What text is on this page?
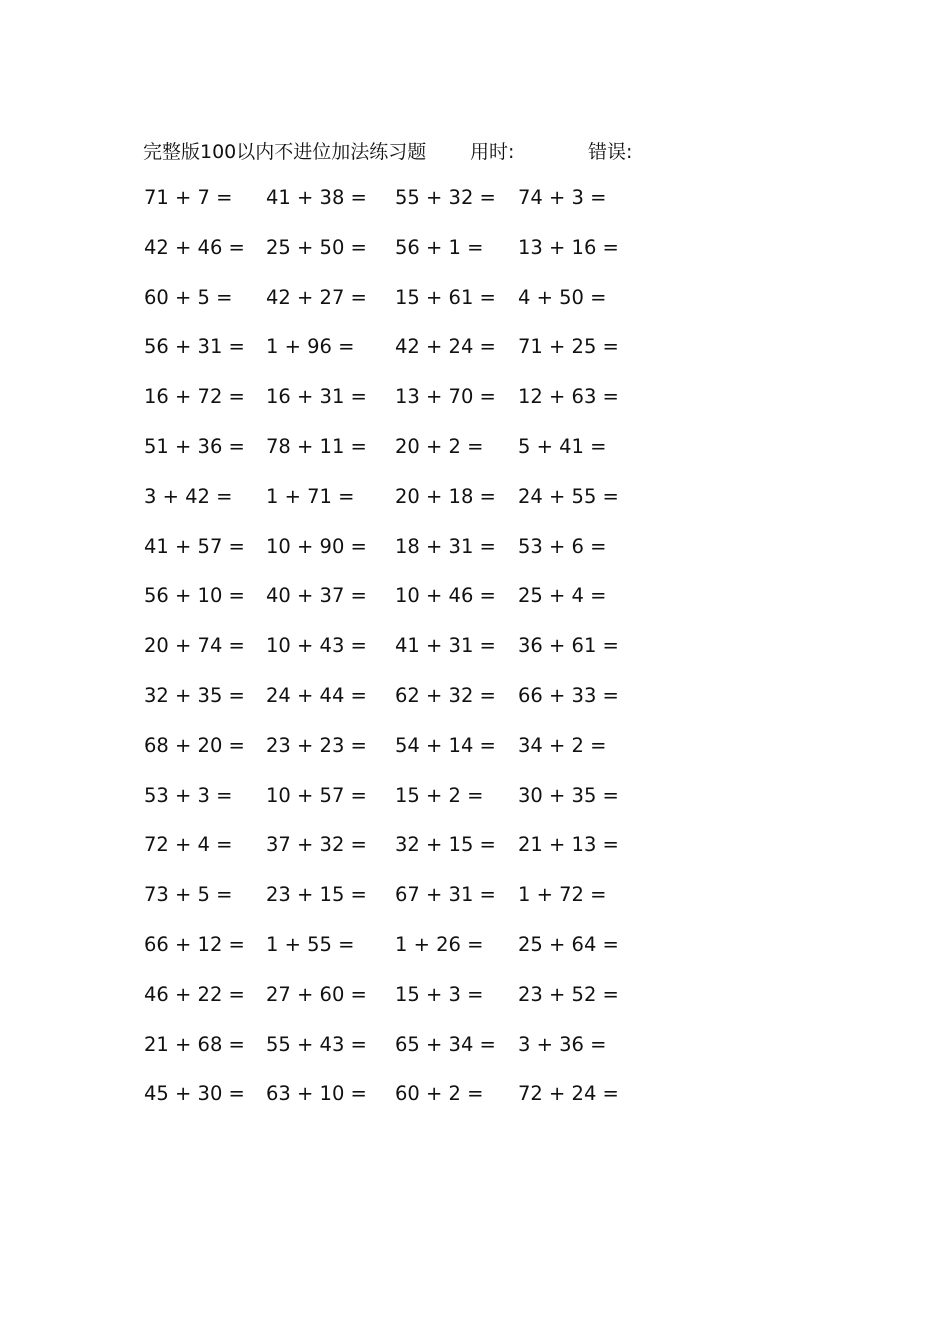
完整版100以内不进位加法练习题 用时:	错误:
71 + 7 = 41 + 38 = 55 + 32 = 74 + 3 =
42 + 46 = 25 + 50 = 56 + 1 = 13 + 16 =
60 + 5 = 42 + 27 = 15 + 61 = 4 + 50 =
56 + 31 = 1 + 96 = 42 + 24 = 71 + 25 =
16 + 72 = 16 + 31 = 13 + 70 = 12 + 63 =
51 + 36 = 78 + 11 = 20 + 2 = 5 + 41 =
3 + 42 = 1 + 71 = 20 + 18 = 24 + 55 =
41 + 57 = 10 + 90 = 18 + 31 = 53 + 6 =
56 + 10 = 40 + 37 = 10 + 46 = 25 + 4 =
20 + 74 = 10 + 43 = 41 + 31 = 36 + 61 =
32 + 35 = 24 + 44 = 62 + 32 = 66 + 33 =
68 + 20 = 23 + 23 = 54 + 14 = 34 + 2 =
53 + 3 = 10 + 57 = 15 + 2 = 30 + 35 =
72 + 4 = 37 + 32 = 32 + 15 = 21 + 13 =
73 + 5 = 23 + 15 = 67 + 31 = 1 + 72 =
66 + 12 = 1 + 55 = 1 + 26 = 25 + 64 =
46 + 22 = 27 + 60 = 15 + 3 = 23 + 52 =
21 + 68 = 55 + 43 = 65 + 34 = 3 + 36 =
45 + 30 = 63 + 10 = 60 + 2 = 72 + 24 =
